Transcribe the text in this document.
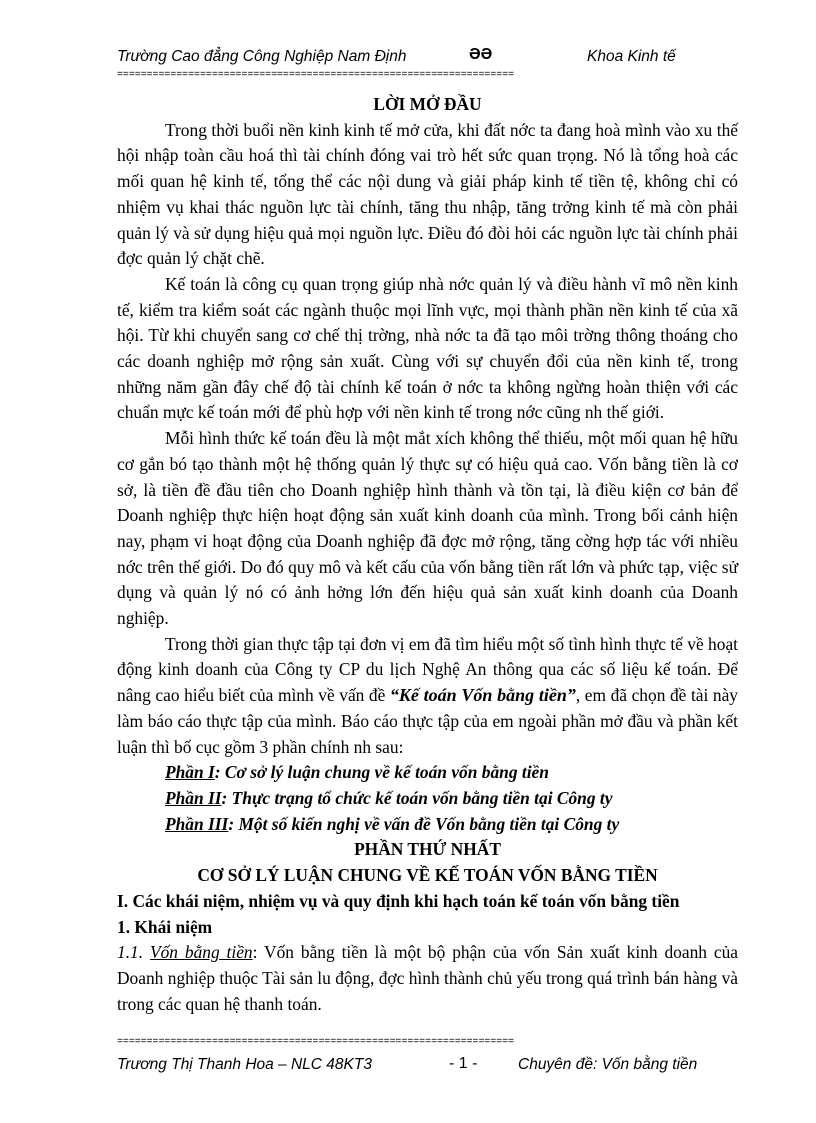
Trường Cao đẳng Công Nghiệp Nam Định	ƏƏ	Khoa Kinh tế
===================================================================
LỜI MỞ ĐẦU

Trong thời buổi nền kinh kinh tế mở cửa, khi đất nớc ta đang hoà mình vào xu thế hội nhập toàn cầu hoá thì tài chính đóng vai trò hết sức quan trọng. Nó là tổng hoà các mối quan hệ kinh tế, tổng thể các nội dung và giải pháp kinh tế tiền tệ, không chỉ có nhiệm vụ khai thác nguồn lực tài chính, tăng thu nhập, tăng trởng kinh tế mà còn phải quản lý và sử dụng hiệu quả mọi nguồn lực. Điều đó đòi hỏi các nguồn lực tài chính phải đợc quản lý chặt chẽ.

Kế toán là công cụ quan trọng giúp nhà nớc quản lý và điều hành vĩ mô nền kinh tế, kiểm tra kiểm soát các ngành thuộc mọi lĩnh vực, mọi thành phần nền kinh tế của xã hội. Từ khi chuyển sang cơ chế thị trờng, nhà nớc ta đã tạo môi trờng thông thoáng cho các doanh nghiệp mở rộng sản xuất. Cùng với sự chuyển đổi của nền kinh tế, trong những năm gần đây chế độ tài chính kế toán ở nớc ta không ngừng hoàn thiện với các chuẩn mực kế toán mới để phù hợp với nền kinh tế trong nớc cũng nh thế giới.

Mỗi hình thức kế toán đều là một mắt xích không thể thiếu, một mối quan hệ hữu cơ gắn bó tạo thành một hệ thống quản lý thực sự có hiệu quả cao. Vốn bằng tiền là cơ sở, là tiền đề đầu tiên cho Doanh nghiệp hình thành và tồn tại, là điều kiện cơ bản để Doanh nghiệp thực hiện hoạt động sản xuất kinh doanh của mình. Trong bối cảnh hiện nay, phạm vi hoạt động của Doanh nghiệp đã đợc mở rộng, tăng cờng hợp tác với nhiều nớc trên thế giới. Do đó quy mô và kết cấu của vốn bằng tiền rất lớn và phức tạp, việc sử dụng và quản lý nó có ảnh hởng lớn đến hiệu quả sản xuất kinh doanh của Doanh nghiệp.

Trong thời gian thực tập tại đơn vị em đã tìm hiểu một số tình hình thực tế về hoạt động kinh doanh của Công ty CP du lịch Nghệ An thông qua các số liệu kế toán. Để nâng cao hiểu biết của mình về vấn đề “Kế toán Vốn bằng tiền”, em đã chọn đề tài này làm báo cáo thực tập của mình. Báo cáo thực tập của em ngoài phần mở đầu và phần kết luận thì bố cục gồm 3 phần chính nh sau:

Phần I: Cơ sở lý luận chung về kế toán vốn bằng tiền
Phần II: Thực trạng tổ chức kế toán vốn bằng tiền tại Công ty
Phần III: Một số kiến nghị về vấn đề Vốn bằng tiền tại Công ty
PHẦN THỨ NHẤT
CƠ SỞ LÝ LUẬN CHUNG VỀ KẾ TOÁN VỐN BẰNG TIỀN
I. Các khái niệm, nhiệm vụ và quy định khi hạch toán kế toán vốn bằng tiền
1. Khái niệm

1.1. Vốn bằng tiền: Vốn bằng tiền là một bộ phận của vốn Sản xuất kinh doanh của Doanh nghiệp thuộc Tài sản lu động, đợc hình thành chủ yếu trong quá trình bán hàng và trong các quan hệ thanh toán.

===================================================================
Trương Thị Thanh Hoa – NLC 48KT3	- 1 -	Chuyên đề: Vốn bằng tiền
